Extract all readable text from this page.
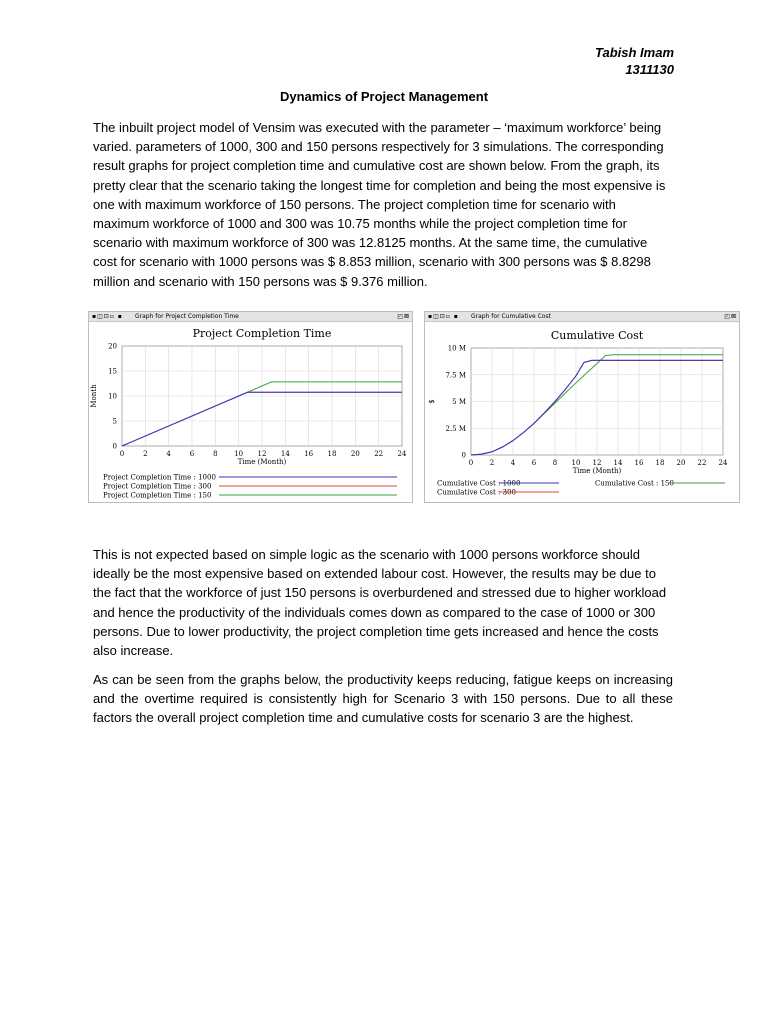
Tabish Imam
1311130
Dynamics of Project Management

The inbuilt project model of Vensim was executed with the parameter – ‘maximum workforce’ being varied. parameters of 1000, 300 and 150 persons respectively for 3 simulations. The corresponding result graphs for project completion time and cumulative cost are shown below. From the graph, its pretty clear that the scenario taking the longest time for completion and being the most expensive is one with maximum workforce of 150 persons. The project completion time for scenario with maximum workforce of 1000 and 300 was 10.75 months while the project completion time for scenario with maximum workforce of 300 was 12.8125 months. At the same time, the cumulative cost for scenario with 1000 persons was $ 8.853 million, scenario with 300 persons was $ 8.8298 million and scenario with 150 persons was $ 9.376 million.

▪◫⊡▫ ▪ Graph for Project Completion Time	◰⊠
Project Completion Time
0	2	4	6	8 10 12 14 16 18 20 22 24
20
15
10
5
0
Time (Month)
Month
Project Completion Time : 1000
Project Completion Time : 300
Project Completion Time : 150
▪◫⊡▫ ▪ Graph for Cumulative Cost	◰⊠
Cumulative Cost
0 2 4 6 8 10 12 14 16 18 20 22 24
10 M
7.5 M
5 M
2.5 M
0
Time (Month)
$
Cumulative Cost : 1000	Cumulative Cost : 150
Cumulative Cost : 300

This is not expected based on simple logic as the scenario with 1000 persons workforce should ideally be the most expensive based on extended labour cost. However, the results may be due to the fact that the workforce of just 150 persons is overburdened and stressed due to higher workload and hence the productivity of the individuals comes down as compared to the case of 1000 or 300 persons. Due to lower productivity, the project completion time gets increased and hence the costs also increase.

As can be seen from the graphs below, the productivity keeps reducing, fatigue keeps on increasing and the overtime required is consistently high for Scenario 3 with 150 persons. Due to all these factors the overall project completion time and cumulative costs for scenario 3 are the highest.
